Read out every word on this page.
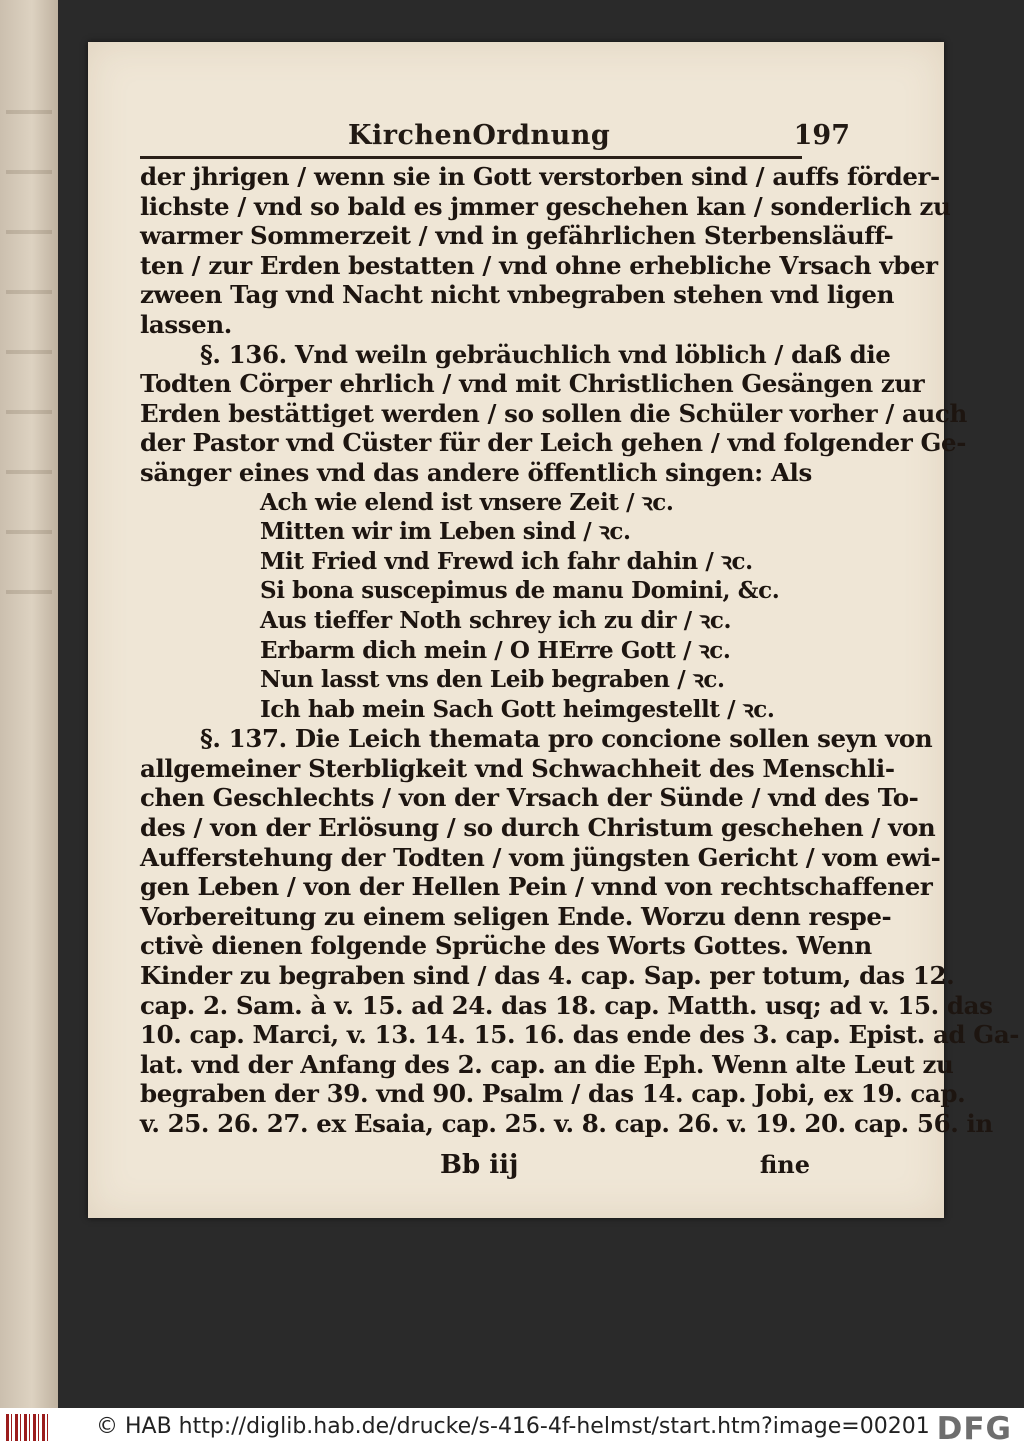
KirchenOrdnung	197
der jhrigen / wenn sie in Gott verstorben sind / auffs förder-
lichste / vnd so bald es jmmer geschehen kan / sonderlich zu
warmer Sommerzeit / vnd in gefährlichen Sterbensläuff-
ten / zur Erden bestatten / vnd ohne erhebliche Vrsach vber
zween Tag vnd Nacht nicht vnbegraben stehen vnd ligen
lassen.
§. 136. Vnd weiln gebräuchlich vnd löblich / daß die
Todten Cörper ehrlich / vnd mit Christlichen Gesängen zur
Erden bestättiget werden / so sollen die Schüler vorher / auch
der Pastor vnd Cüster für der Leich gehen / vnd folgender Ge-
sänger eines vnd das andere öffentlich singen: Als
Ach wie elend ist vnsere Zeit / ꝛc.
Mitten wir im Leben sind / ꝛc.
Mit Fried vnd Frewd ich fahr dahin / ꝛc.
Si bona suscepimus de manu Domini, &c.
Aus tieffer Noth schrey ich zu dir / ꝛc.
Erbarm dich mein / O HErre Gott / ꝛc.
Nun lasst vns den Leib begraben / ꝛc.
Ich hab mein Sach Gott heimgestellt / ꝛc.
§. 137. Die Leich themata pro concione sollen seyn von
allgemeiner Sterbligkeit vnd Schwachheit des Menschli-
chen Geschlechts / von der Vrsach der Sünde / vnd des To-
des / von der Erlösung / so durch Christum geschehen / von
Aufferstehung der Todten / vom jüngsten Gericht / vom ewi-
gen Leben / von der Hellen Pein / vnnd von rechtschaffener
Vorbereitung zu einem seligen Ende. Worzu denn respe-
ctivè dienen folgende Sprüche des Worts Gottes. Wenn
Kinder zu begraben sind / das 4. cap. Sap. per totum, das 12.
cap. 2. Sam. à v. 15. ad 24. das 18. cap. Matth. usq; ad v. 15. das
10. cap. Marci, v. 13. 14. 15. 16. das ende des 3. cap. Epist. ad Ga-
lat. vnd der Anfang des 2. cap. an die Eph. Wenn alte Leut zu
begraben der 39. vnd 90. Psalm / das 14. cap. Jobi, ex 19. cap.
v. 25. 26. 27. ex Esaia, cap. 25. v. 8. cap. 26. v. 19. 20. cap. 56. in
Bb iij	fine
© HAB http://diglib.hab.de/drucke/s-416-4f-helmst/start.htm?image=00201 DFG
